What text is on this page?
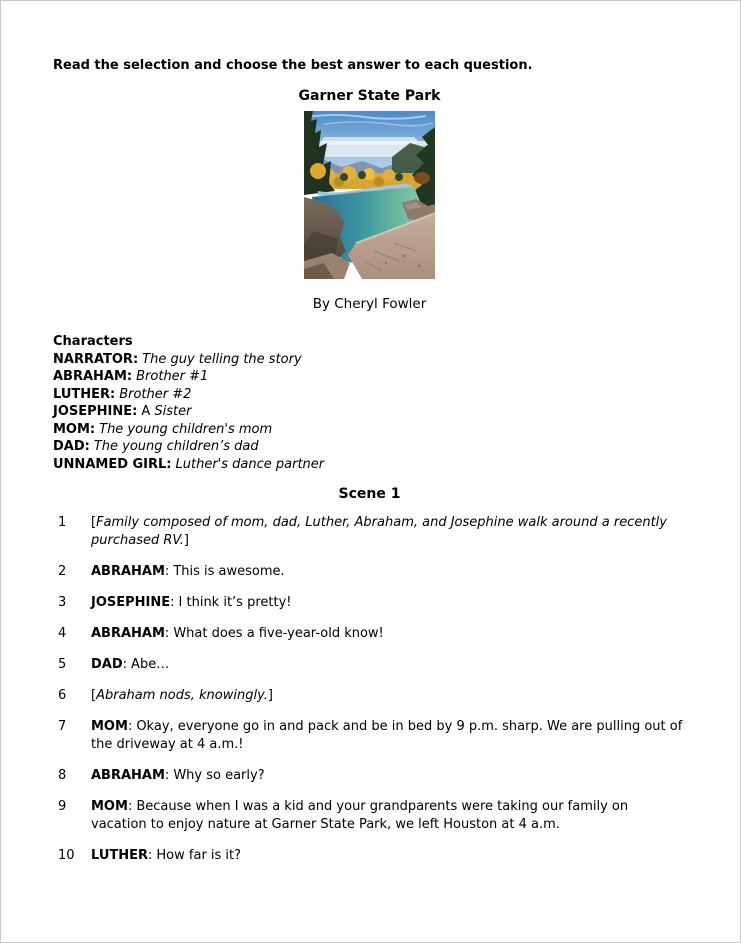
Read the selection and choose the best answer to each question.
Garner State Park
By Cheryl Fowler
Characters
NARRATOR: The guy telling the story
ABRAHAM: Brother #1
LUTHER: Brother #2
JOSEPHINE: A Sister
MOM: The young children's mom
DAD: The young children’s dad
UNNAMED GIRL: Luther's dance partner
Scene 1
1	[Family composed of mom, dad, Luther, Abraham, and Josephine walk around a recently purchased RV.]
2	ABRAHAM: This is awesome.
3	JOSEPHINE: I think it’s pretty!
4	ABRAHAM: What does a five-year-old know!
5	DAD: Abe…
6	[Abraham nods, knowingly.]
7	MOM: Okay, everyone go in and pack and be in bed by 9 p.m. sharp. We are pulling out of the driveway at 4 a.m.!
8	ABRAHAM: Why so early?
9	MOM: Because when I was a kid and your grandparents were taking our family on vacation to enjoy nature at Garner State Park, we left Houston at 4 a.m.
10	LUTHER: How far is it?
